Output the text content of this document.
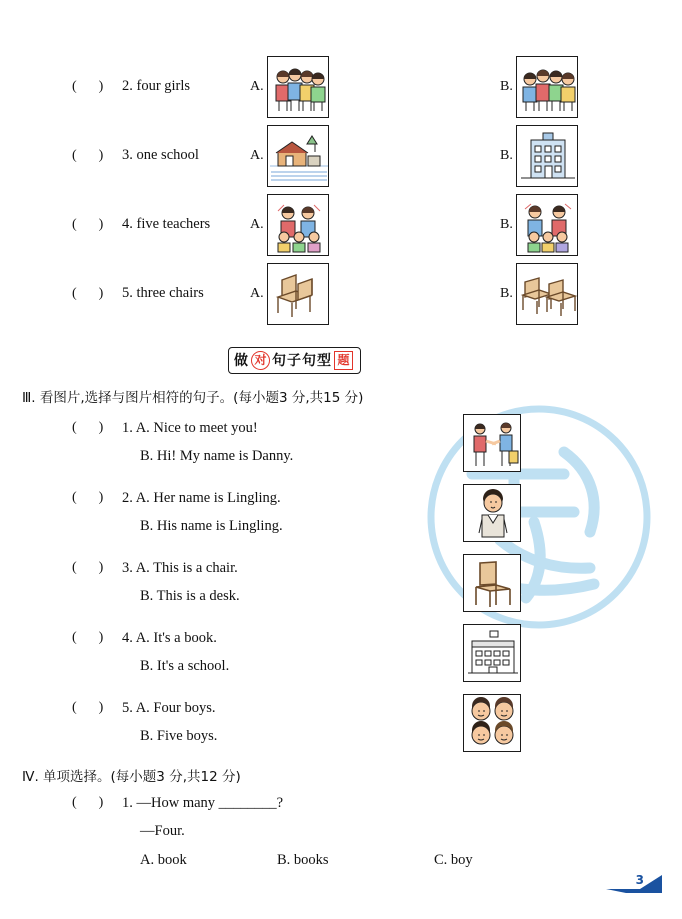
( )	2. four girls	A.	B.
( )	3. one school	A.	B.
( )	4. five teachers	A.	B.
( )	5. three chairs	A.	B.
做 对 句子句型 题
Ⅲ. 看图片,选择与图片相符的句子。(每小题3 分,共15 分)
( ) 1. A. Nice to meet you!
B. Hi! My name is Danny.
( ) 2. A. Her name is Lingling.
B. His name is Lingling.
( ) 3. A. This is a chair.
B. This is a desk.
( ) 4. A. It's a book.
B. It's a school.
( ) 5. A. Four boys.
B. Five boys.
Ⅳ. 单项选择。(每小题3 分,共12 分)
( ) 1. —How many ________?
—Four.
A. book	B. books	C. boy
3
